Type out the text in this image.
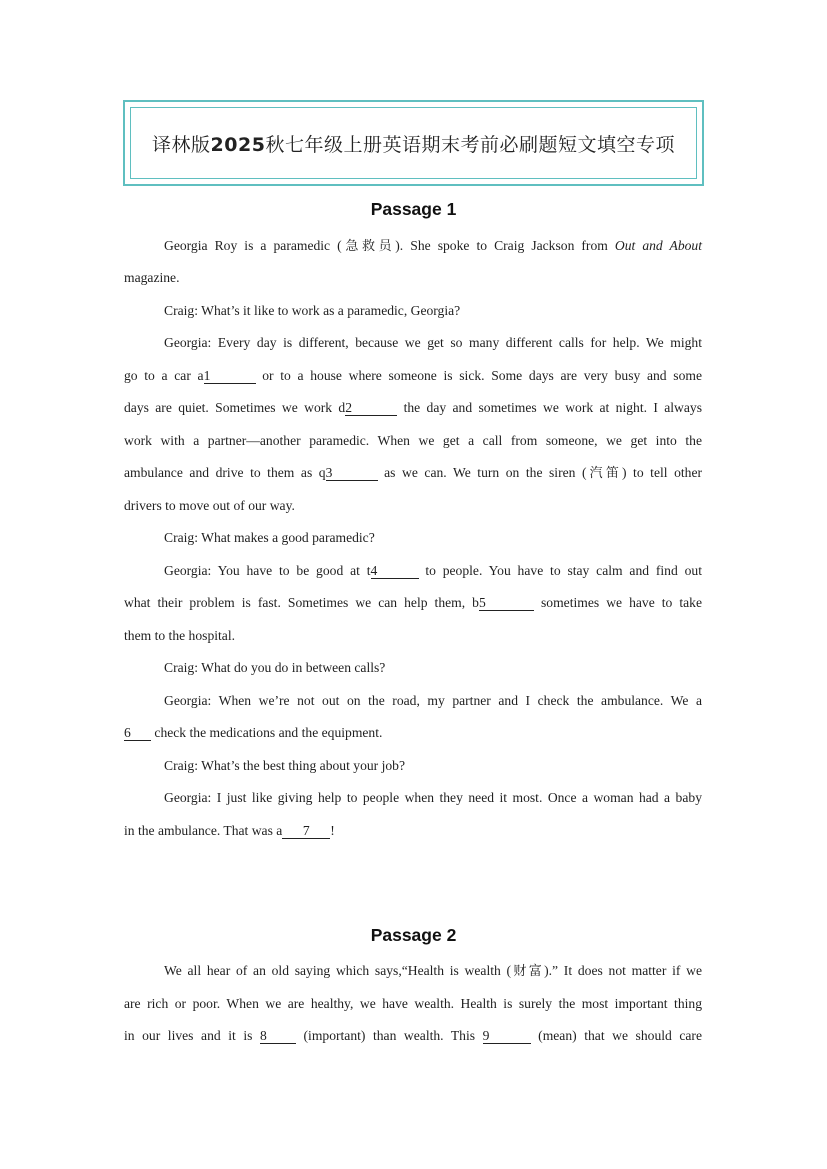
译林版2025秋七年级上册英语期末考前必刷题短文填空专项
Passage 1
Georgia Roy is a paramedic (急救员). She spoke to Craig Jackson from Out and About
magazine.
Craig: What’s it like to work as a paramedic, Georgia?
Georgia: Every day is different, because we get so many different calls for help. We might
go to a car a1	or to a house where someone is sick. Some days are very busy and some
days are quiet. Sometimes we work d2	the day and sometimes we work at night. I always
work with a partner—another paramedic. When we get a call from someone, we get into the
ambulance and drive to them as q3	as we can. We turn on the siren (汽笛) to tell other
drivers to move out of our way.
Craig: What makes a good paramedic?
Georgia: You have to be good at t4	to people. You have to stay calm and find out
what their problem is fast. Sometimes we can help them, b5	sometimes we have to take
them to the hospital.
Craig: What do you do in between calls?
Georgia: When we’re not out on the road, my partner and I check the ambulance. We a
6 check the medications and the equipment.
Craig: What’s the best thing about your job?
Georgia: I just like giving help to people when they need it most. Once a woman had a baby
in the ambulance. That was a 7 !
Passage 2
We all hear of an old saying which says,“Health is wealth (财富).” It does not matter if we
are rich or poor. When we are healthy, we have wealth. Health is surely the most important thing
in our lives and it is 8	(important) than wealth. This 9	(mean) that we should care
